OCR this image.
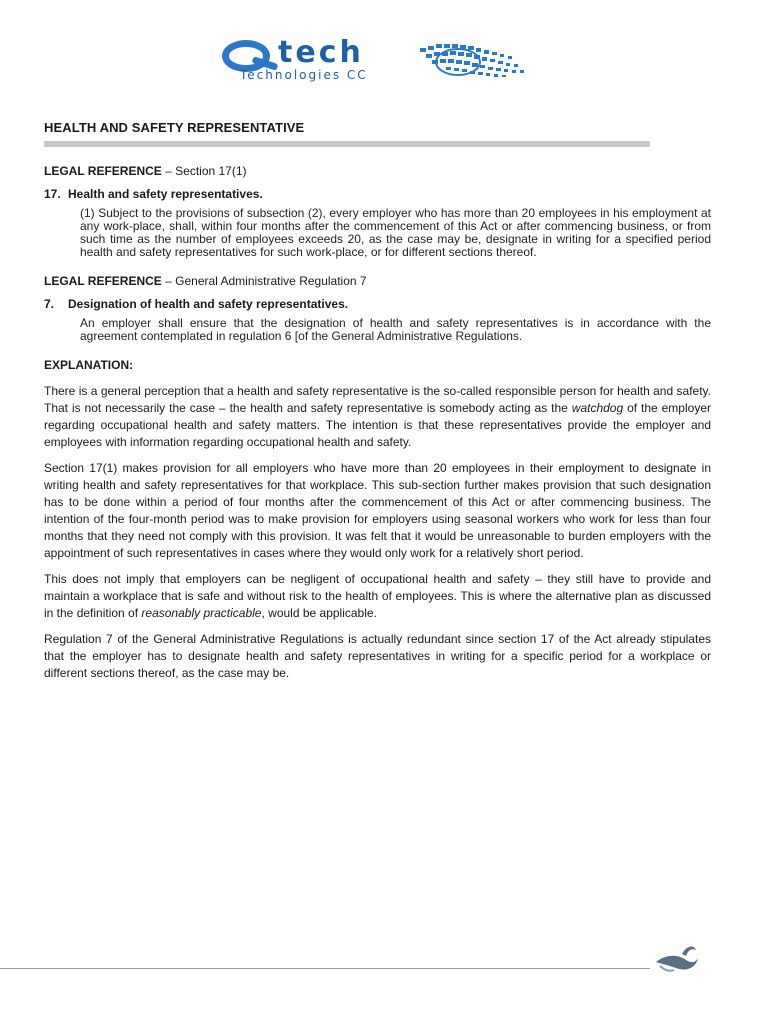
tech
Technologies CC
HEALTH AND SAFETY REPRESENTATIVE

LEGAL REFERENCE – Section 17(1)

17. Health and safety representatives.

(1) Subject to the provisions of subsection (2), every employer who has more than 20 employees in his employment at any work-place, shall, within four months after the commencement of this Act or after commencing business, or from such time as the number of employees exceeds 20, as the case may be, designate in writing for a specified period health and safety representatives for such work-place, or for different sections thereof.

LEGAL REFERENCE – General Administrative Regulation 7

7. Designation of health and safety representatives.

An employer shall ensure that the designation of health and safety representatives is in accordance with the agreement contemplated in regulation 6 [of the General Administrative Regulations.

EXPLANATION:

There is a general perception that a health and safety representative is the so-called responsible person for health and safety. That is not necessarily the case – the health and safety representative is somebody acting as the watchdog of the employer regarding occupational health and safety matters. The intention is that these representatives provide the employer and employees with information regarding occupational health and safety.

Section 17(1) makes provision for all employers who have more than 20 employees in their employment to designate in writing health and safety representatives for that workplace. This sub-section further makes provision that such designation has to be done within a period of four months after the commencement of this Act or after commencing business. The intention of the four-month period was to make provision for employers using seasonal workers who work for less than four months that they need not comply with this provision. It was felt that it would be unreasonable to burden employers with the appointment of such representatives in cases where they would only work for a relatively short period.

This does not imply that employers can be negligent of occupational health and safety – they still have to provide and maintain a workplace that is safe and without risk to the health of employees. This is where the alternative plan as discussed in the definition of reasonably practicable, would be applicable.

Regulation 7 of the General Administrative Regulations is actually redundant since section 17 of the Act already stipulates that the employer has to designate health and safety representatives in writing for a specific period for a workplace or different sections thereof, as the case may be.
